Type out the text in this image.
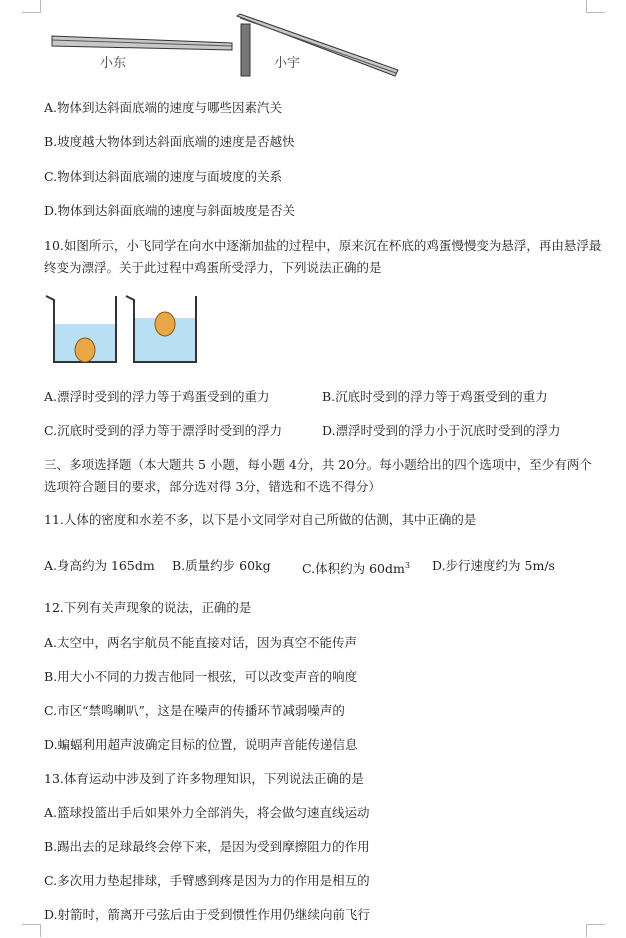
小东	小宇
A.物体到达斜面底端的速度与哪些因素汽关
B.坡度越大物体到达斜面底端的速度是否越快
C.物体到达斜面底端的速度与面坡度的关系
D.物体到达斜面底端的速度与斜面坡度是否关
10.如图所示，小飞同学在向水中逐渐加盐的过程中，原来沉在杯底的鸡蛋慢慢变为悬浮，再由悬浮最终变为漂浮。关于此过程中鸡蛋所受浮力，下列说法正确的是
A.漂浮时受到的浮力等于鸡蛋受到的重力	B.沉底时受到的浮力等于鸡蛋受到的重力
C.沉底时受到的浮力等于漂浮时受到的浮力	D.漂浮时受到的浮力小于沉底时受到的浮力
三、多项选择题（本大题共 5 小题，每小题 4分，共 20分。每小题给出的四个选项中，至少有两个选项符合题目的要求，部分选对得 3分，错选和不选不得分）
11.人体的密度和水差不多，以下是小文同学对自己所做的估测，其中正确的是
A.身高约为 165dm B.质量约步 60kg	C.体积约为 $60dm^3$ D.步行速度约为 5m/s
12.下列有关声现象的说法，正确的是
A.太空中，两名宇航员不能直接对话，因为真空不能传声
B.用大小不同的力拨吉他同一根弦，可以改变声音的响度
C.市区“禁鸣喇叭”，这是在噪声的传播环节减弱噪声的
D.蝙蝠利用超声波确定目标的位置，说明声音能传递信息
13.体育运动中涉及到了许多物理知识，下列说法正确的是
A.篮球投篮出手后如果外力全部消失，将会做匀速直线运动
B.踢出去的足球最终会停下来，是因为受到摩擦阻力的作用
C.多次用力垫起排球，手臂感到疼是因为力的作用是相互的
D.射箭时，箭离开弓弦后由于受到惯性作用仍继续向前飞行
